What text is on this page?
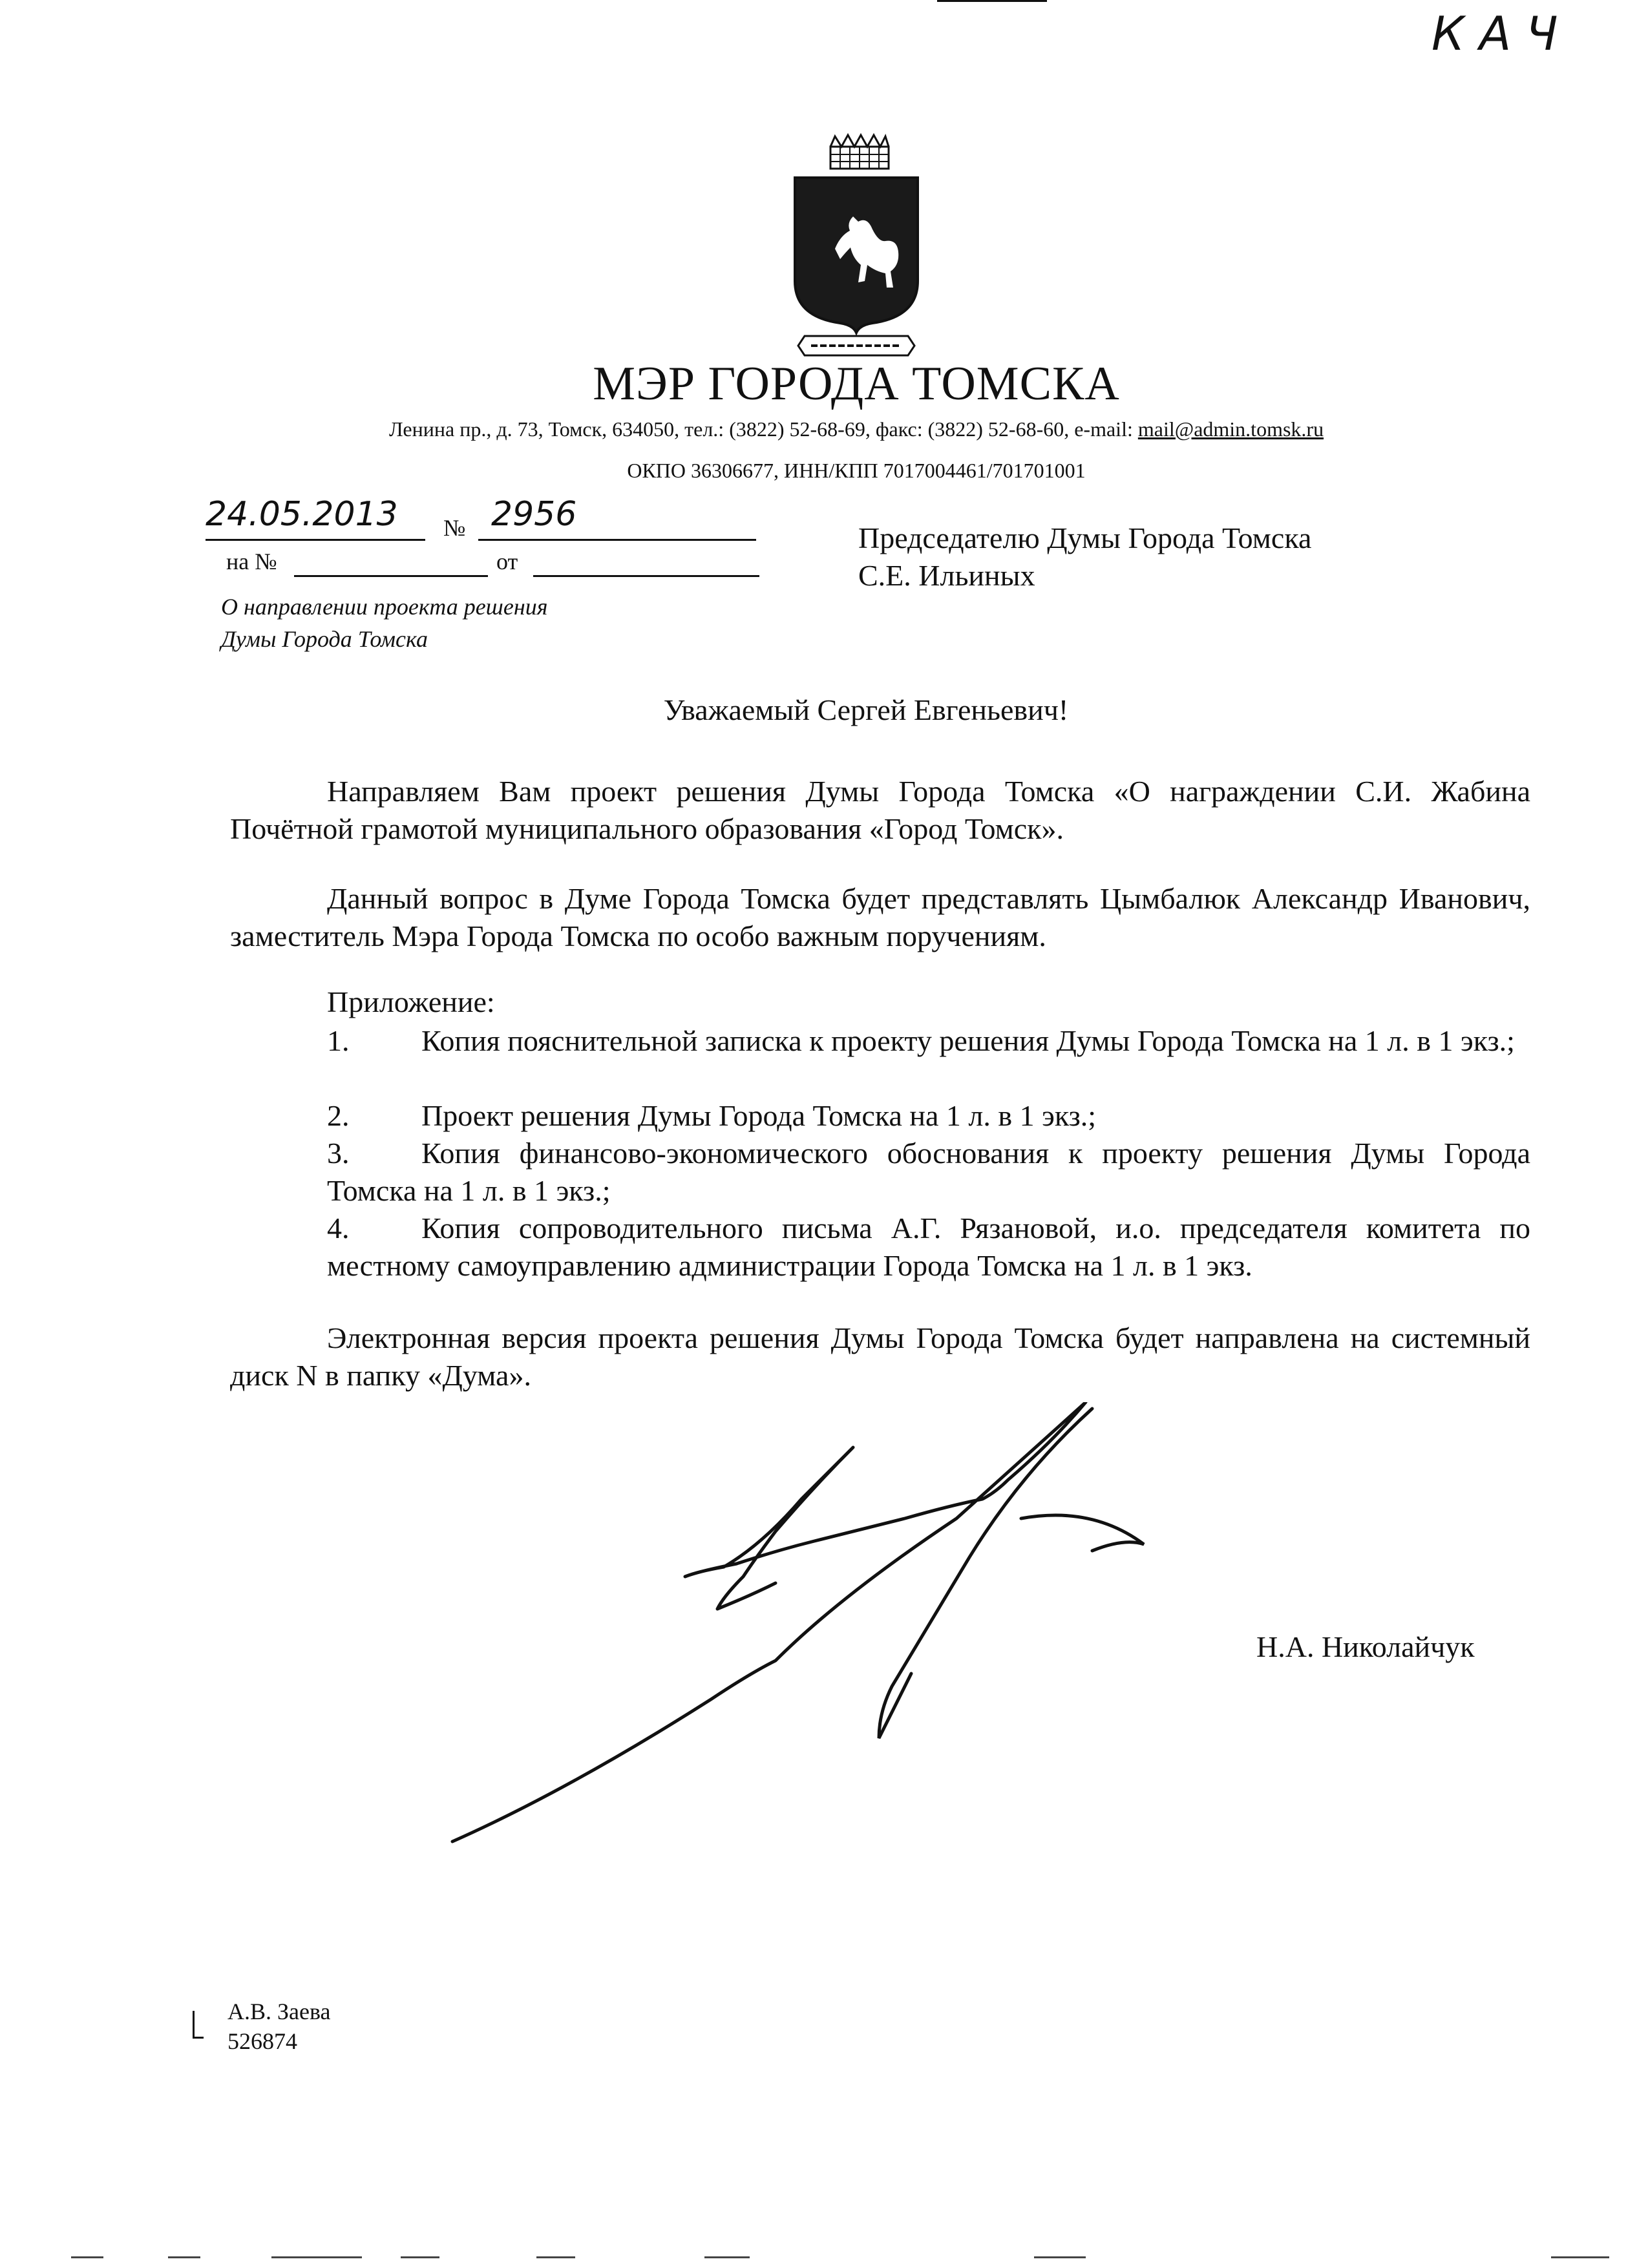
К А Ч
МЭР ГОРОДА ТОМСКА
Ленина пр., д. 73, Томск, 634050, тел.: (3822) 52-68-69, факс: (3822) 52-68-60, e-mail: mail@admin.tomsk.ru
ОКПО 36306677, ИНН/КПП 7017004461/701701001
24.05.2013 № 2956
на №	от
О направлении проекта решения
Думы Города Томска
Председателю Думы Города Томска
С.Е. Ильиных
Уважаемый Сергей Евгеньевич!
Направляем Вам проект решения Думы Города Томска «О награждении С.И. Жабина Почётной грамотой муниципального образования «Город Томск».
Данный вопрос в Думе Города Томска будет представлять Цымбалюк Александр Иванович, заместитель Мэра Города Томска по особо важным поручениям.
Приложение:
1. Копия пояснительной записка к проекту решения Думы Города Томска на 1 л. в 1 экз.;
2. Проект решения Думы Города Томска на 1 л. в 1 экз.;
3. Копия финансово-экономического обоснования к проекту решения Думы Города Томска на 1 л. в 1 экз.;
4. Копия сопроводительного письма А.Г. Рязановой, и.о. председателя комитета по местному самоуправлению администрации Города Томска на 1 л. в 1 экз.
Электронная версия проекта решения Думы Города Томска будет направлена на системный диск N в папку «Дума».
Н.А. Николайчук
А.В. Заева
526874
